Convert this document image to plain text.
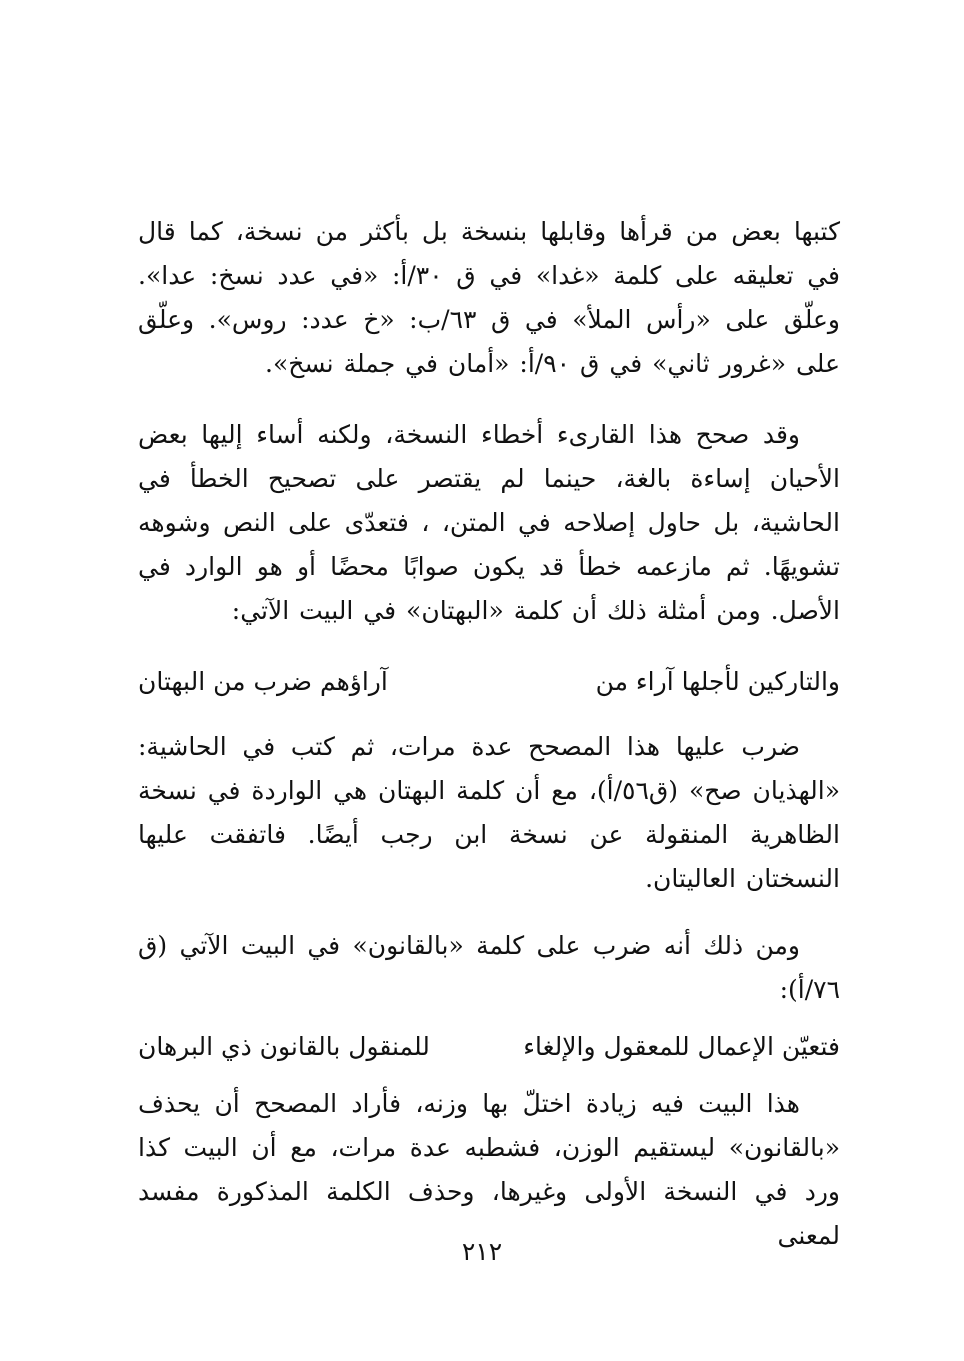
كتبها بعض من قرأها وقابلها بنسخة بل بأكثر من نسخة، كما قال في تعليقه على كلمة «غدا» في ق ٣٠/أ: «في عدد نسخ: عدا». وعلّق على «رأس الملأ» في ق ٦٣/ب: «خ عدد: روس». وعلّق على «غرور ثاني» في ق ٩٠/أ: «أمان في جملة نسخ».

وقد صحح هذا القارىء أخطاء النسخة، ولكنه أساء إليها بعض الأحيان إساءة بالغة، حينما لم يقتصر على تصحيح الخطأ في الحاشية، بل حاول إصلاحه في المتن، ، فتعدّى على النص وشوهه تشويهًا. ثم مازعمه خطأ قد يكون صوابًا محضًا أو هو الوارد في الأصل. ومن أمثلة ذلك أن كلمة «البهتان» في البيت الآتي:

والتاركين لأجلها آراء من
آراؤهم ضرب من البهتان

ضرب عليها هذا المصحح عدة مرات، ثم كتب في الحاشية: «الهذيان صح» (ق٥٦/أ)، مع أن كلمة البهتان هي الواردة في نسخة الظاهرية المنقولة عن نسخة ابن رجب أيضًا. فاتفقت عليها النسختان العاليتان.

ومن ذلك أنه ضرب على كلمة «بالقانون» في البيت الآتي (ق ٧٦/أ):

فتعيّن الإعمال للمعقول والإلغاء
للمنقول بالقانون ذي البرهان

هذا البيت فيه زيادة اختلّ بها وزنه، فأراد المصحح أن يحذف «بالقانون» ليستقيم الوزن، فشطبه عدة مرات، مع أن البيت كذا ورد في النسخة الأولى وغيرها، وحذف الكلمة المذكورة مفسد لمعنى

٢١٢
